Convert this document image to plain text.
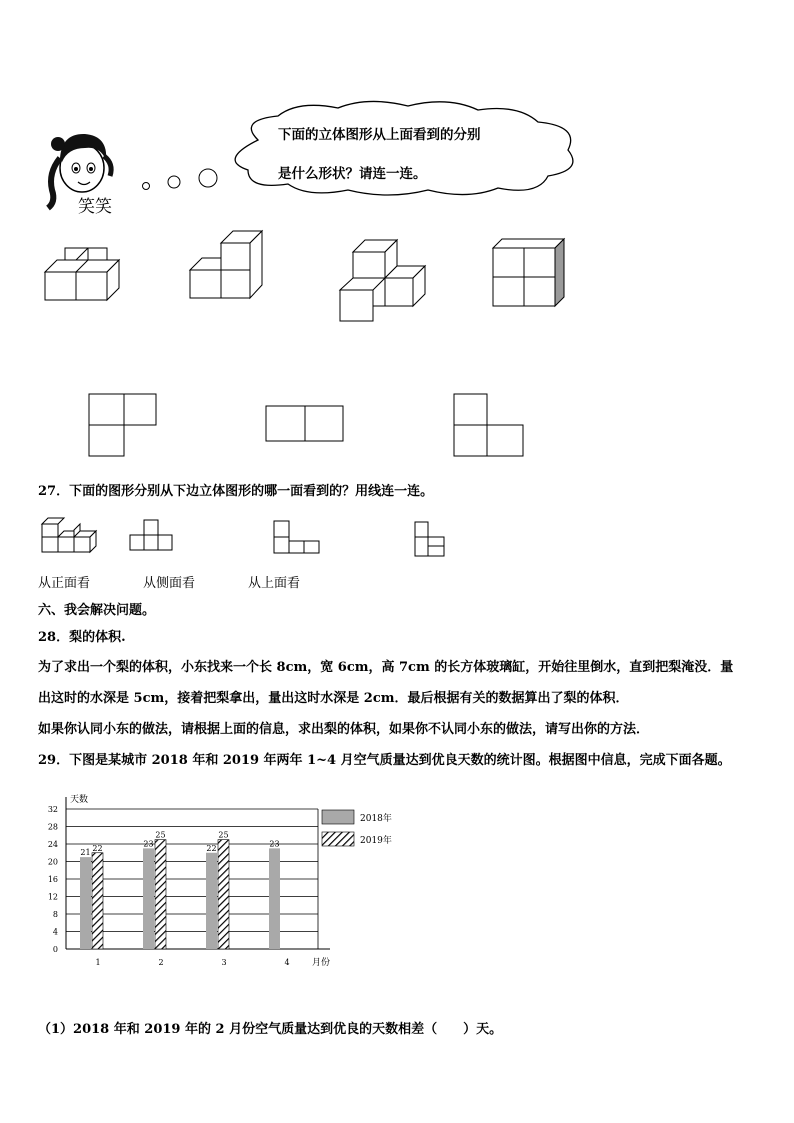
笑笑
下面的立体图形从上面看到的分别
是什么形状？请连一连。
27．下面的图形分别从下边立体图形的哪一面看到的？用线连一连。
从正面看	从侧面看	从上面看
六、我会解决问题。
28．梨的体积.
为了求出一个梨的体积，小东找来一个长 8cm，宽 6cm，高 7cm 的长方体玻璃缸，开始往里倒水，直到把梨淹没．量
出这时的水深是 5cm，接着把梨拿出，量出这时水深是 2cm．最后根据有关的数据算出了梨的体积．
如果你认同小东的做法，请根据上面的信息，求出梨的体积，如果你不认同小东的做法，请写出你的方法．
29．下图是某城市 2018 年和 2019 年两年 1~4 月空气质量达到优良天数的统计图。根据图中信息，完成下面各题。
0
4
8
12
16
20
24
28
32
天数
月份
21 22
1
23
25
2
22
25
3
23
4
2018年
2019年
（1）2018 年和 2019 年的 2 月份空气质量达到优良的天数相差（　　）天。
